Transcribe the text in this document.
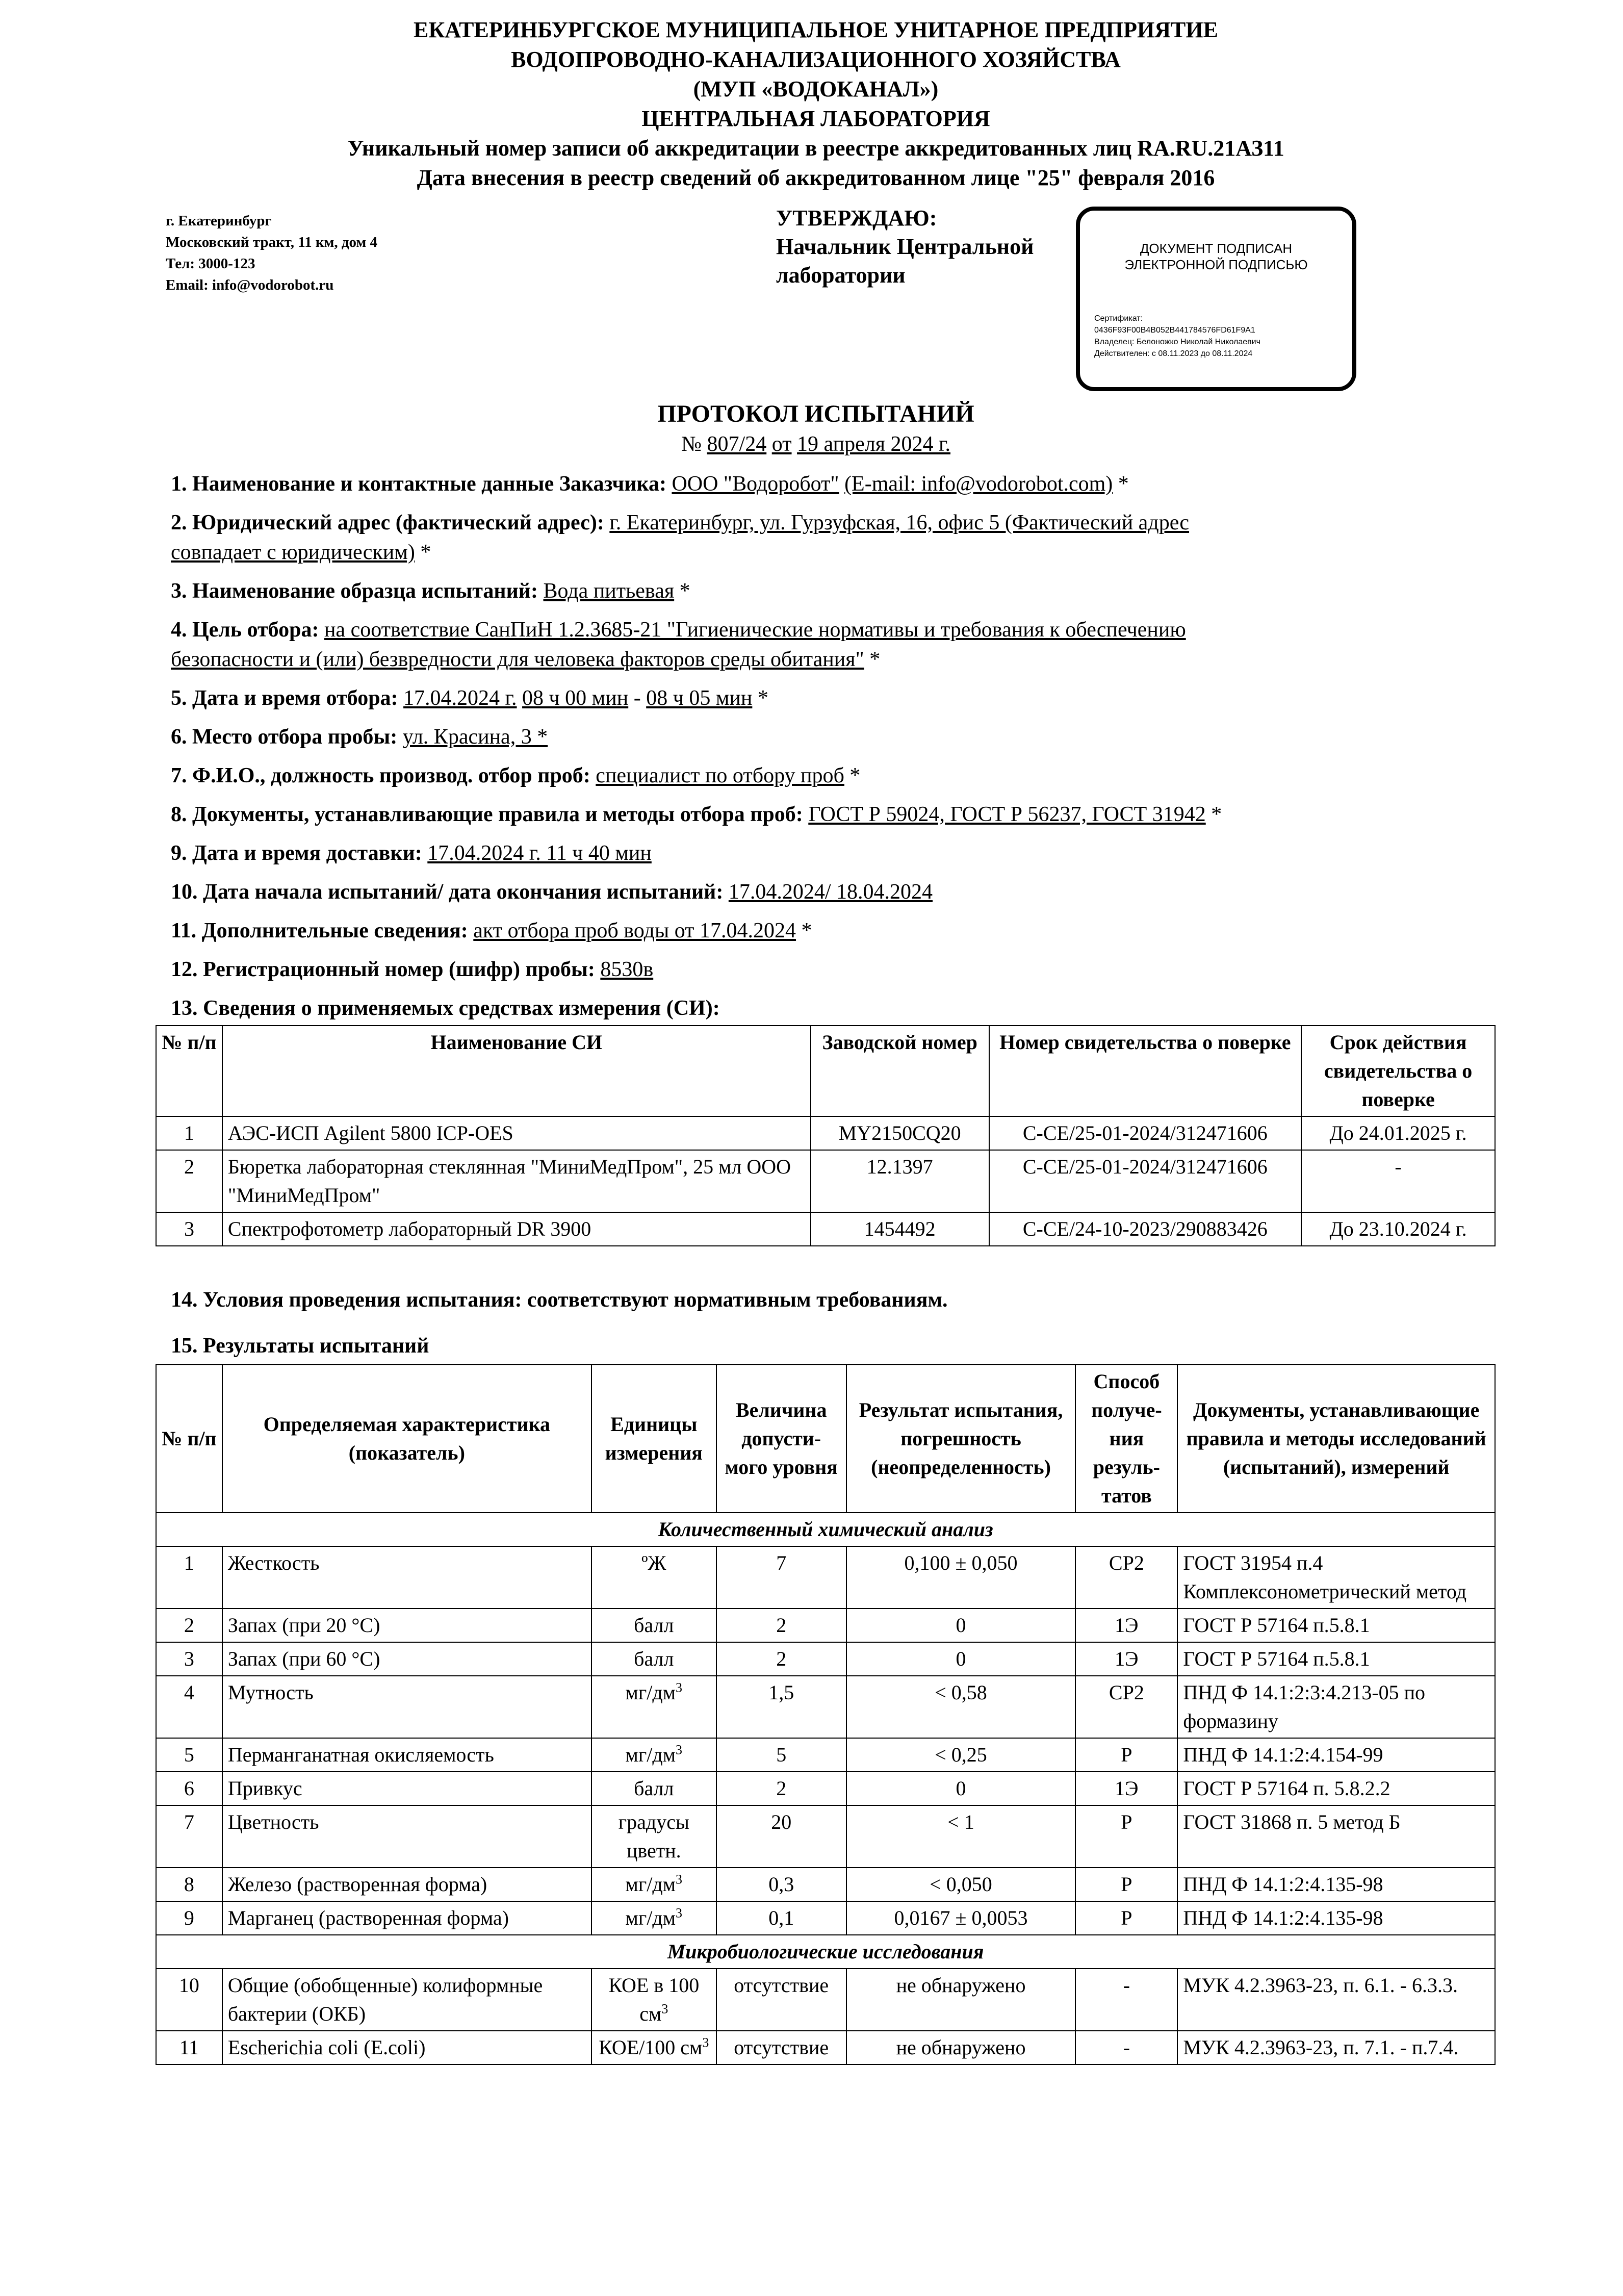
ЕКАТЕРИНБУРГСКОЕ МУНИЦИПАЛЬНОЕ УНИТАРНОЕ ПРЕДПРИЯТИЕ
ВОДОПРОВОДНО-КАНАЛИЗАЦИОННОГО ХОЗЯЙСТВА
(МУП «ВОДОКАНАЛ»)
ЦЕНТРАЛЬНАЯ ЛАБОРАТОРИЯ
Уникальный номер записи об аккредитации в реестре аккредитованных лиц RA.RU.21АЗ11
Дата внесения в реестр сведений об аккредитованном лице "25" февраля 2016
г. Екатеринбург
Московский тракт, 11 км, дом 4
Тел: 3000-123
Email: info@vodorobot.ru
УТВЕРЖДАЮ:
Начальник Центральной
лаборатории
ДОКУМЕНТ ПОДПИСАН
ЭЛЕКТРОННОЙ ПОДПИСЬЮ
Сертификат:
0436F93F00B4B052B441784576FD61F9A1
Владелец: Белоножко Николай Николаевич
Действителен: с 08.11.2023 до 08.11.2024
ПРОТОКОЛ ИСПЫТАНИЙ
№ 807/24 от 19 апреля 2024 г.
1. Наименование и контактные данные Заказчика: ООО "Водоробот" (E-mail: info@vodorobot.com) *
2. Юридический адрес (фактический адрес): г. Екатеринбург, ул. Гурзуфская, 16, офис 5 (Фактический адрес
совпадает с юридическим) *
3. Наименование образца испытаний: Вода питьевая *
4. Цель отбора: на соответствие СанПиН 1.2.3685-21 "Гигиенические нормативы и требования к обеспечению
безопасности и (или) безвредности для человека факторов среды обитания" *
5. Дата и время отбора: 17.04.2024 г. 08 ч 00 мин - 08 ч 05 мин *
6. Место отбора пробы: ул. Красина, 3 *
7. Ф.И.О., должность производ. отбор проб: специалист по отбору проб *
8. Документы, устанавливающие правила и методы отбора проб: ГОСТ Р 59024, ГОСТ Р 56237, ГОСТ 31942 *
9. Дата и время доставки: 17.04.2024 г. 11 ч 40 мин
10. Дата начала испытаний/ дата окончания испытаний: 17.04.2024/ 18.04.2024
11. Дополнительные сведения: акт отбора проб воды от 17.04.2024 *
12. Регистрационный номер (шифр) пробы: 8530в
13. Сведения о применяемых средствах измерения (СИ):
№ п/п	Наименование СИ	Заводской номер	Номер свидетельства о поверке	Срок действия свидетельства о поверке
1	АЭС-ИСП Agilent 5800 ICP-OES	MY2150CQ20	С-СЕ/25-01-2024/312471606	До 24.01.2025 г.
2	Бюретка лабораторная стеклянная "МиниМедПром", 25 мл ООО "МиниМедПром"	12.1397	С-СЕ/25-01-2024/312471606	-
3	Спектрофотометр лабораторный DR 3900	1454492	С-СЕ/24-10-2023/290883426	До 23.10.2024 г.
14. Условия проведения испытания: соответствуют нормативным требованиям.
15. Результаты испытаний
№ п/п	Определяемая характеристика (показатель)	Единицы измерения	Величина допусти-мого уровня	Результат испытания, погрешность (неопределенность)	Способ получе-ния резуль-татов	Документы, устанавливающие правила и методы исследований (испытаний), измерений
Количественный химический анализ						
1	Жесткость	ºЖ	7	0,100 ± 0,050	СР2	ГОСТ 31954 п.4 Комплексонометрический метод
2	Запах (при 20 °С)	балл	2	0	1Э	ГОСТ Р 57164 п.5.8.1
3	Запах (при 60 °С)	балл	2	0	1Э	ГОСТ Р 57164 п.5.8.1
4	Мутность	$мг/дм^3$	1,5	< 0,58	СР2	ПНД Ф 14.1:2:3:4.213-05 по формазину
5	Перманганатная окисляемость	$мг/дм^3$	5	< 0,25	Р	ПНД Ф 14.1:2:4.154-99
6	Привкус	балл	2	0	1Э	ГОСТ Р 57164 п. 5.8.2.2
7	Цветность	градусы цветн.	20	< 1	Р	ГОСТ 31868 п. 5 метод Б
8	Железо (растворенная форма)	$мг/дм^3$	0,3	< 0,050	Р	ПНД Ф 14.1:2:4.135-98
9	Марганец (растворенная форма)	$мг/дм^3$	0,1	0,0167 ± 0,0053	Р	ПНД Ф 14.1:2:4.135-98
Микробиологические исследования						
10	Общие (обобщенные) колиформные бактерии (ОКБ)	КОЕ в 100 $см^3$	отсутствие	не обнаружено	-	МУК 4.2.3963-23, п. 6.1. - 6.3.3.
11	Escherichia coli (E.coli)	КОЕ/100 $см^3$	отсутствие	не обнаружено	-	МУК 4.2.3963-23, п. 7.1. - п.7.4.
